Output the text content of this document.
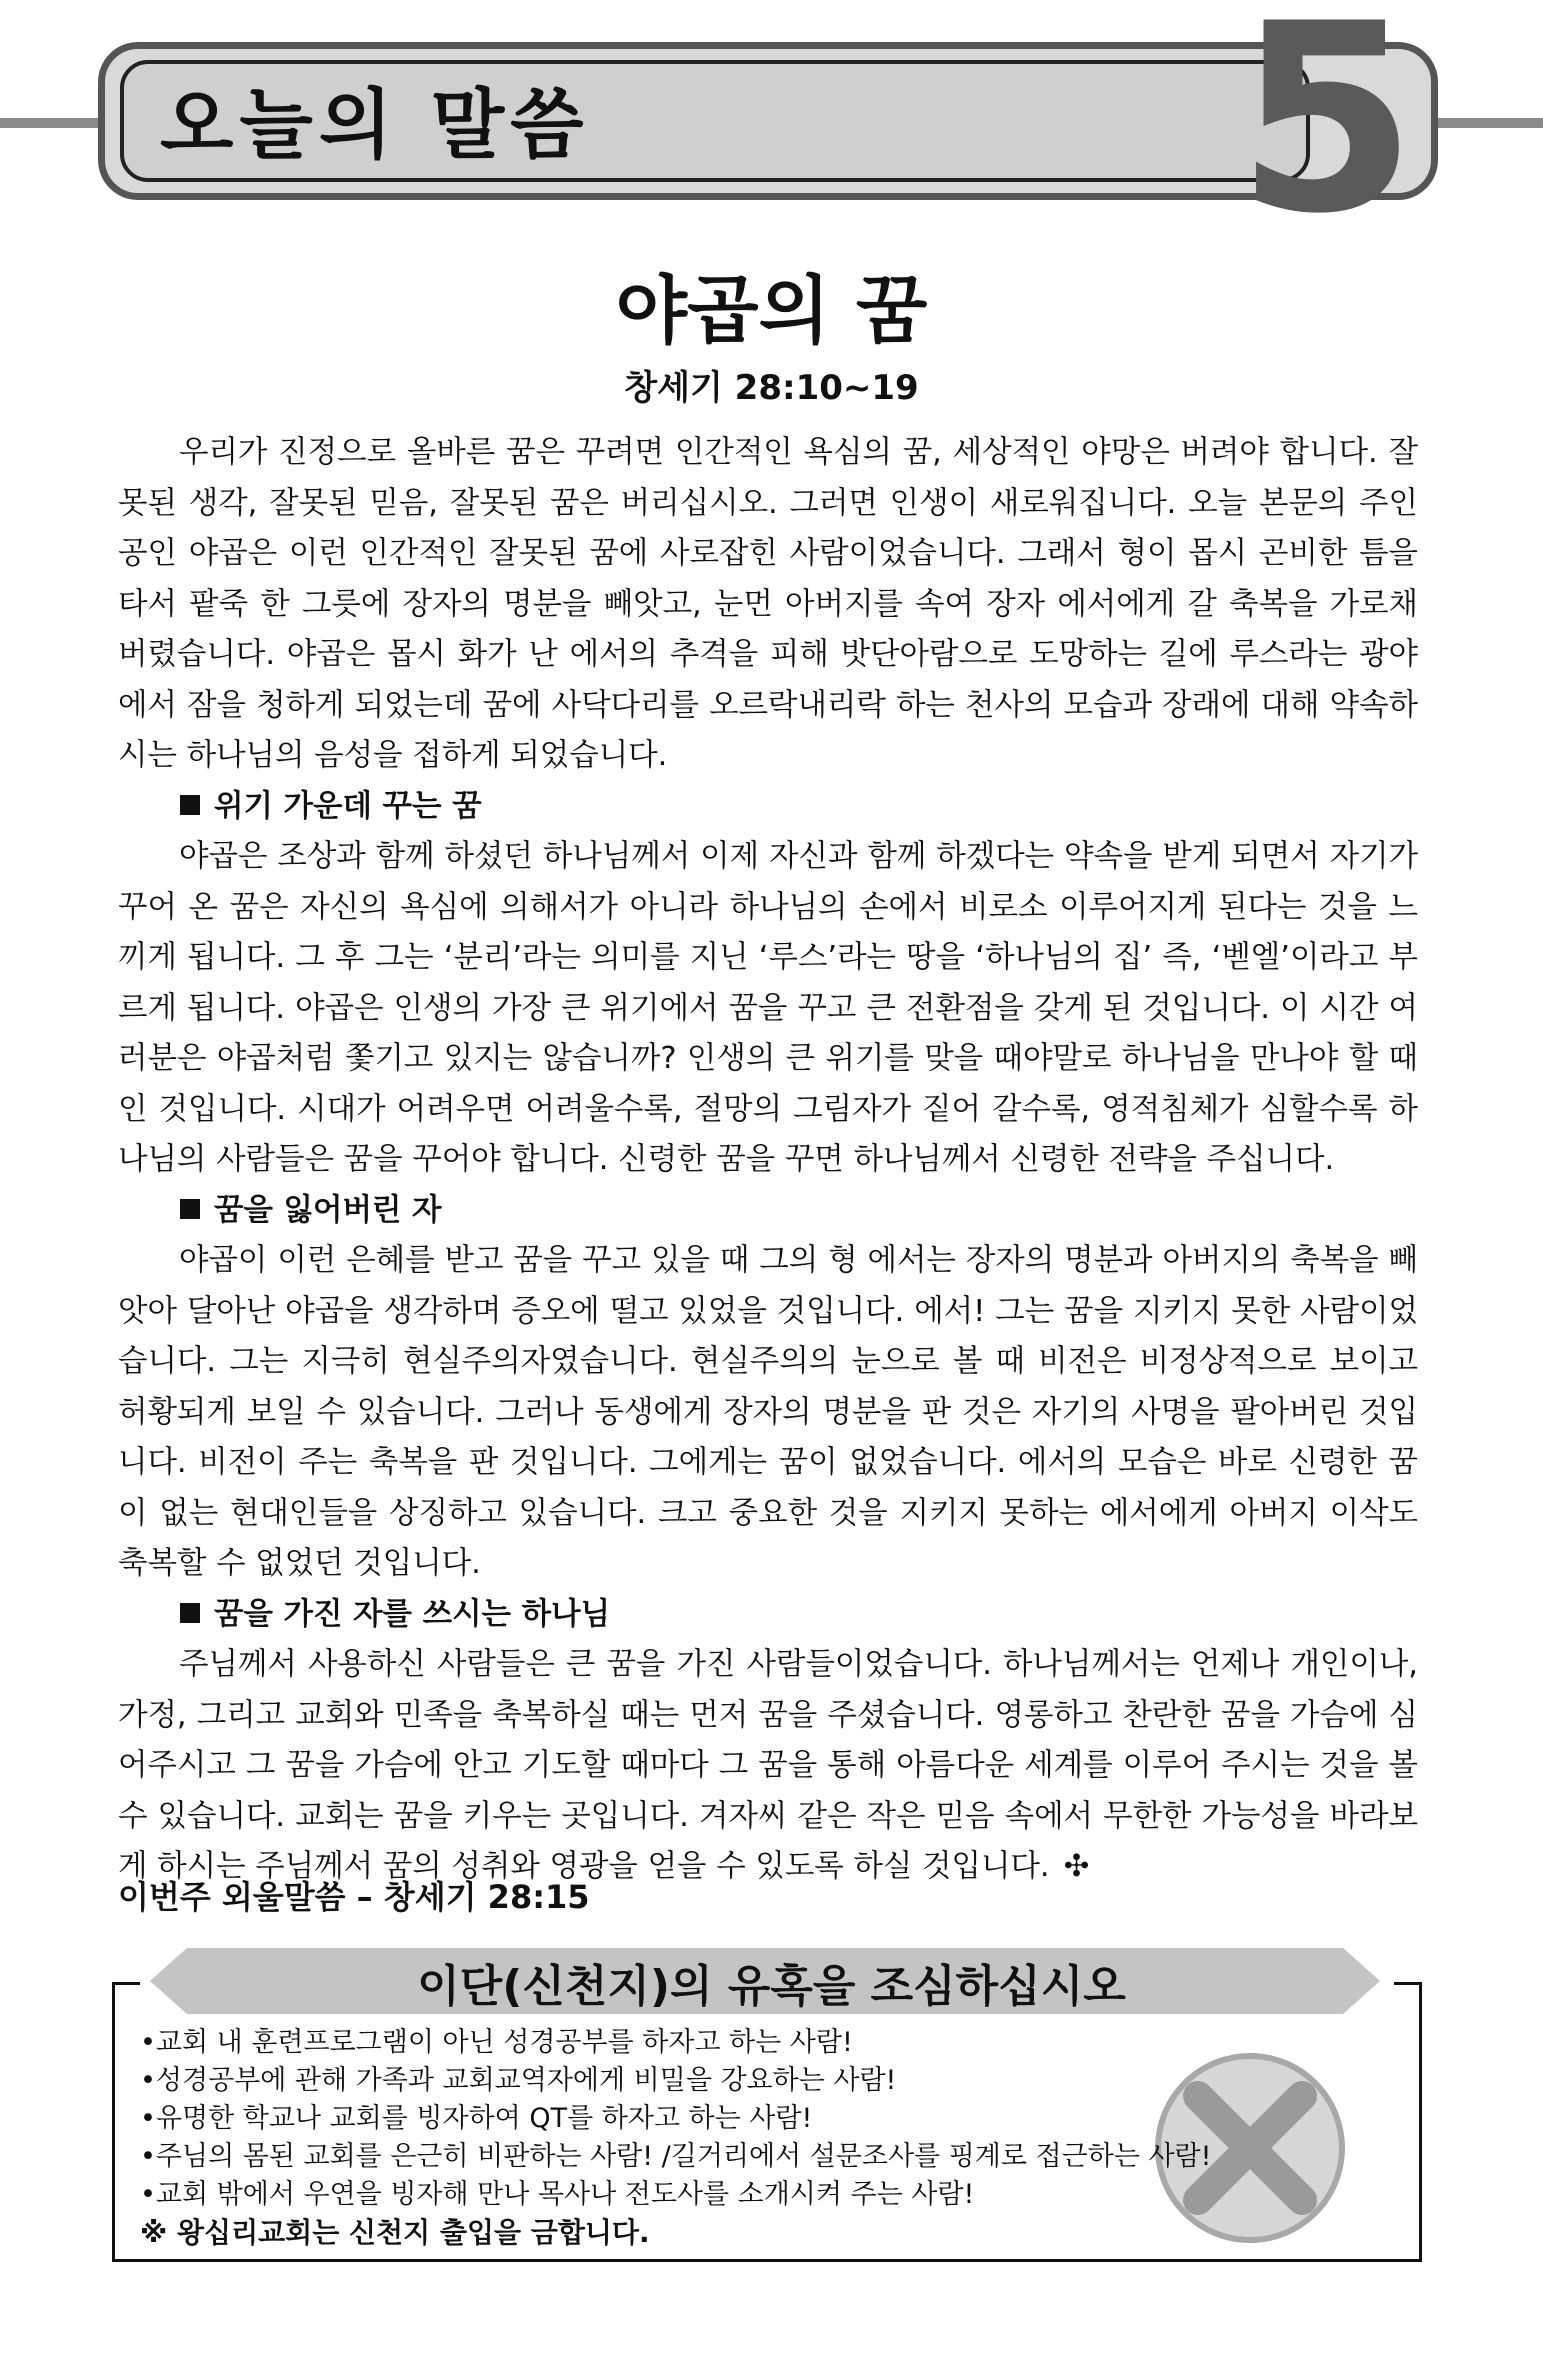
오늘의 말씀 5
야곱의 꿈
창세기 28:10~19

우리가 진정으로 올바른 꿈은 꾸려면 인간적인 욕심의 꿈, 세상적인 야망은 버려야 합니다. 잘못된 생각, 잘못된 믿음, 잘못된 꿈은 버리십시오. 그러면 인생이 새로워집니다. 오늘 본문의 주인공인 야곱은 이런 인간적인 잘못된 꿈에 사로잡힌 사람이었습니다. 그래서 형이 몹시 곤비한 틈을 타서 팥죽 한 그릇에 장자의 명분을 빼앗고, 눈먼 아버지를 속여 장자 에서에게 갈 축복을 가로채 버렸습니다. 야곱은 몹시 화가 난 에서의 추격을 피해 밧단아람으로 도망하는 길에 루스라는 광야에서 잠을 청하게 되었는데 꿈에 사닥다리를 오르락내리락 하는 천사의 모습과 장래에 대해 약속하시는 하나님의 음성을 접하게 되었습니다.

위기 가운데 꾸는 꿈

야곱은 조상과 함께 하셨던 하나님께서 이제 자신과 함께 하겠다는 약속을 받게 되면서 자기가 꾸어 온 꿈은 자신의 욕심에 의해서가 아니라 하나님의 손에서 비로소 이루어지게 된다는 것을 느끼게 됩니다. 그 후 그는 ‘분리’라는 의미를 지닌 ‘루스’라는 땅을 ‘하나님의 집’ 즉, ‘벧엘’이라고 부르게 됩니다. 야곱은 인생의 가장 큰 위기에서 꿈을 꾸고 큰 전환점을 갖게 된 것입니다. 이 시간 여러분은 야곱처럼 쫓기고 있지는 않습니까? 인생의 큰 위기를 맞을 때야말로 하나님을 만나야 할 때인 것입니다. 시대가 어려우면 어려울수록, 절망의 그림자가 짙어 갈수록, 영적침체가 심할수록 하나님의 사람들은 꿈을 꾸어야 합니다. 신령한 꿈을 꾸면 하나님께서 신령한 전략을 주십니다.

꿈을 잃어버린 자

야곱이 이런 은혜를 받고 꿈을 꾸고 있을 때 그의 형 에서는 장자의 명분과 아버지의 축복을 빼앗아 달아난 야곱을 생각하며 증오에 떨고 있었을 것입니다. 에서! 그는 꿈을 지키지 못한 사람이었습니다. 그는 지극히 현실주의자였습니다. 현실주의의 눈으로 볼 때 비전은 비정상적으로 보이고 허황되게 보일 수 있습니다. 그러나 동생에게 장자의 명분을 판 것은 자기의 사명을 팔아버린 것입니다. 비전이 주는 축복을 판 것입니다. 그에게는 꿈이 없었습니다. 에서의 모습은 바로 신령한 꿈이 없는 현대인들을 상징하고 있습니다. 크고 중요한 것을 지키지 못하는 에서에게 아버지 이삭도 축복할 수 없었던 것입니다.

꿈을 가진 자를 쓰시는 하나님

주님께서 사용하신 사람들은 큰 꿈을 가진 사람들이었습니다. 하나님께서는 언제나 개인이나, 가정, 그리고 교회와 민족을 축복하실 때는 먼저 꿈을 주셨습니다. 영롱하고 찬란한 꿈을 가슴에 심어주시고 그 꿈을 가슴에 안고 기도할 때마다 그 꿈을 통해 아름다운 세계를 이루어 주시는 것을 볼 수 있습니다. 교회는 꿈을 키우는 곳입니다. 겨자씨 같은 작은 믿음 속에서 무한한 가능성을 바라보게 하시는 주님께서 꿈의 성취와 영광을 얻을 수 있도록 하실 것입니다. ✣

이번주 외울말씀 – 창세기 28:15
이단(신천지)의 유혹을 조심하십시오

•교회 내 훈련프로그램이 아닌 성경공부를 하자고 하는 사람!

•성경공부에 관해 가족과 교회교역자에게 비밀을 강요하는 사람!

•유명한 학교나 교회를 빙자하여 QT를 하자고 하는 사람!

•주님의 몸된 교회를 은근히 비판하는 사람! /길거리에서 설문조사를 핑계로 접근하는 사람!

•교회 밖에서 우연을 빙자해 만나 목사나 전도사를 소개시켜 주는 사람!

※ 왕십리교회는 신천지 출입을 금합니다.
